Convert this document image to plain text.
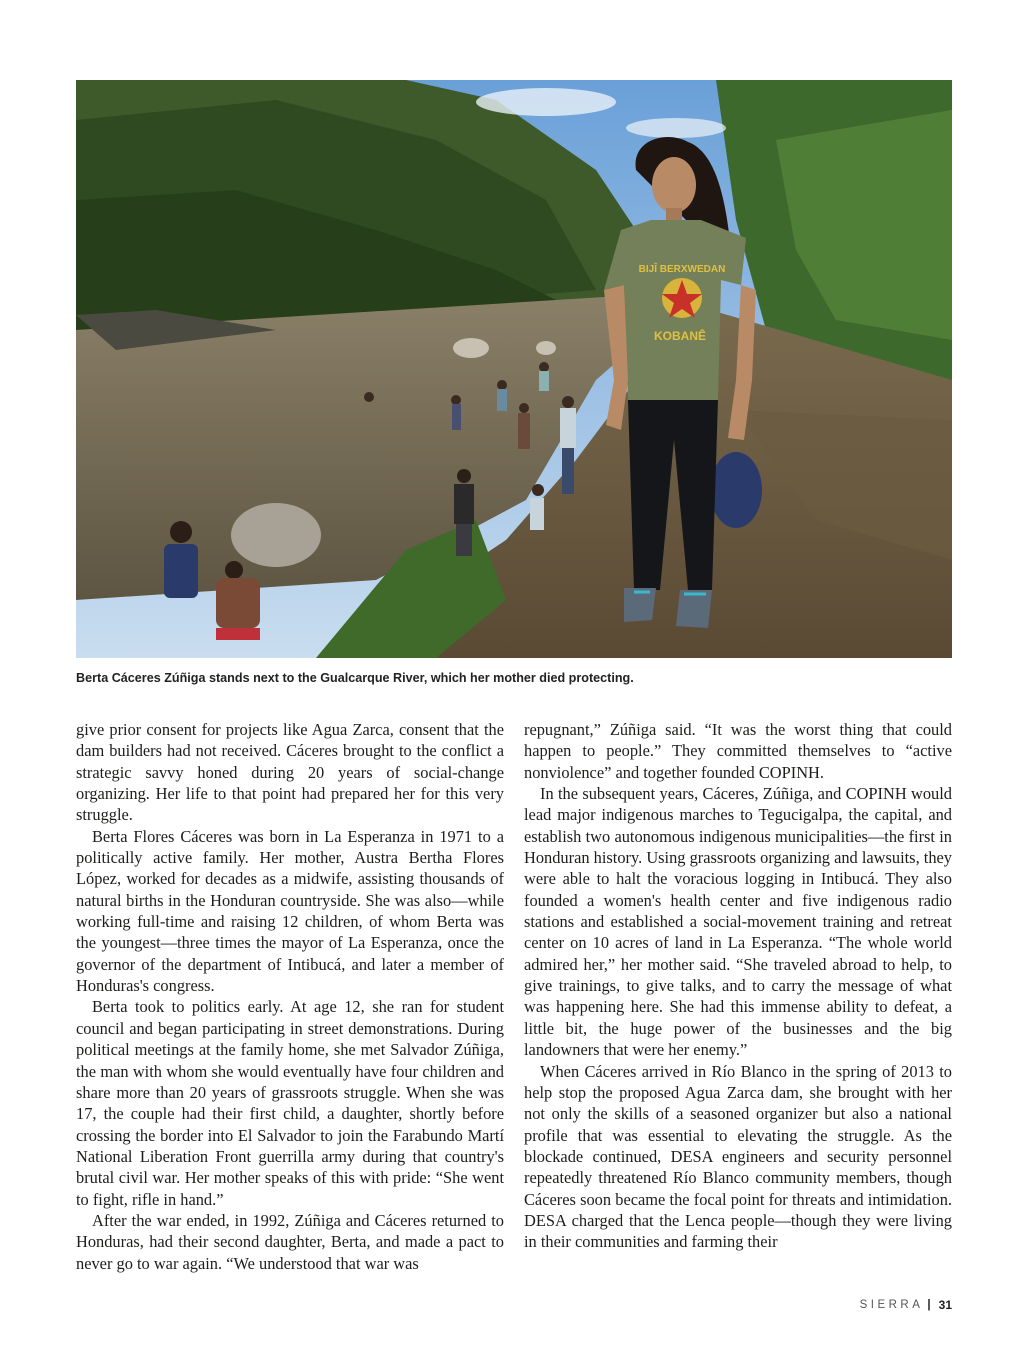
BIJÎ BERXWEDAN
KOBANÊ
Berta Cáceres Zúñiga stands next to the Gualcarque River, which her mother died protecting.

give prior consent for projects like Agua Zarca, consent that the dam builders had not received. Cáceres brought to the conflict a strategic savvy honed during 20 years of social-change organizing. Her life to that point had prepared her for this very struggle.

Berta Flores Cáceres was born in La Esperanza in 1971 to a politically active family. Her mother, Austra Bertha Flores López, worked for decades as a midwife, assisting thousands of natural births in the Honduran countryside. She was also—while working full-time and raising 12 children, of whom Berta was the youngest—three times the mayor of La Esperanza, once the governor of the department of Intibucá, and later a member of Honduras's congress.

Berta took to politics early. At age 12, she ran for student council and began participating in street demonstrations. During political meetings at the family home, she met Salvador Zúñiga, the man with whom she would eventually have four children and share more than 20 years of grassroots struggle. When she was 17, the couple had their first child, a daughter, shortly before crossing the border into El Salvador to join the Farabundo Martí National Liberation Front guerrilla army during that country's brutal civil war. Her mother speaks of this with pride: “She went to fight, rifle in hand.”

After the war ended, in 1992, Zúñiga and Cáceres returned to Honduras, had their second daughter, Berta, and made a pact to never go to war again. “We understood that war was

repugnant,” Zúñiga said. “It was the worst thing that could happen to people.” They committed themselves to “active nonviolence” and together founded COPINH.

In the subsequent years, Cáceres, Zúñiga, and COPINH would lead major indigenous marches to Tegucigalpa, the capital, and establish two autonomous indigenous municipalities—the first in Honduran history. Using grassroots organizing and lawsuits, they were able to halt the voracious logging in Intibucá. They also founded a women's health center and five indigenous radio stations and established a social-movement training and retreat center on 10 acres of land in La Esperanza. “The whole world admired her,” her mother said. “She traveled abroad to help, to give trainings, to give talks, and to carry the message of what was happening here. She had this immense ability to defeat, a little bit, the huge power of the businesses and the big landowners that were her enemy.”

When Cáceres arrived in Río Blanco in the spring of 2013 to help stop the proposed Agua Zarca dam, she brought with her not only the skills of a seasoned organizer but also a national profile that was essential to elevating the struggle. As the blockade continued, DESA engineers and security personnel repeatedly threatened Río Blanco community members, though Cáceres soon became the focal point for threats and intimidation. DESA charged that the Lenca people—though they were living in their communities and farming their

SIERRA | 31
